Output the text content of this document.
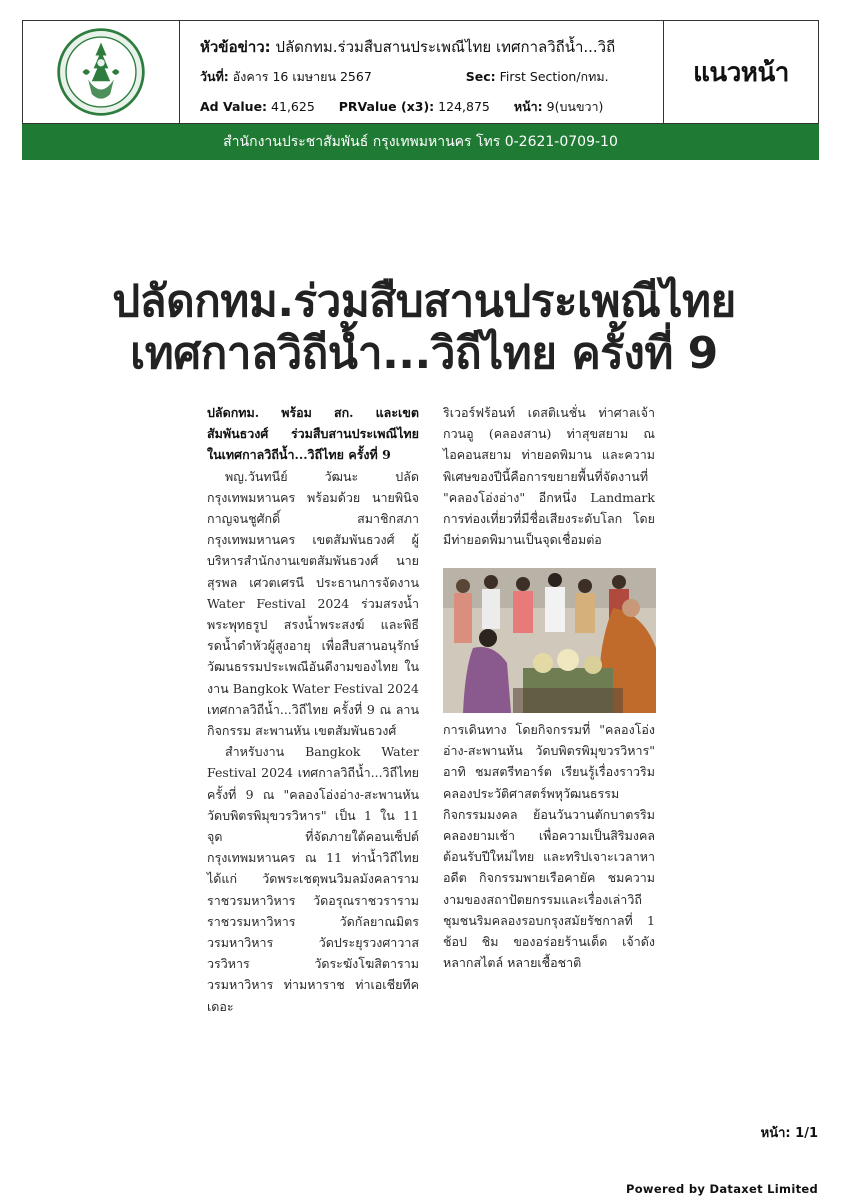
หัวข้อข่าว: ปลัดกทม.ร่วมสืบสานประเพณีไทย เทศกาลวิถีน้ำ...วิถี
วันที่: อังคาร 16 เมษายน 2567	Sec: First Section/กทม.
Ad Value: 41,625 PRValue (x3): 124,875 หน้า: 9(บนขวา)
แนวหน้า
สำนักงานประชาสัมพันธ์ กรุงเทพมหานคร โทร 0-2621-0709-10
ปลัดกทม.ร่วมสืบสานประเพณีไทย
เทศกาลวิถีน้ำ...วิถีไทย ครั้งที่ 9

ปลัดกทม. พร้อม สก. และเขตสัมพันธวงศ์ ร่วมสืบสานประเพณีไทย ในเทศกาลวิถีน้ำ...วิถีไทย ครั้งที่ 9

พญ.วันทนีย์ วัฒนะ ปลัดกรุงเทพมหานคร พร้อมด้วย นายพินิจ กาญจนชูศักดิ์ สมาชิกสภากรุงเทพมหานคร เขตสัมพันธวงศ์ ผู้บริหารสำนักงานเขตสัมพันธวงศ์ นายสุรพล เศวตเศรนี ประธานการจัดงาน Water Festival 2024 ร่วมสรงน้ำพระพุทธรูป สรงน้ำพระสงฆ์ และพิธีรดน้ำดำหัวผู้สูงอายุ เพื่อสืบสานอนุรักษ์วัฒนธรรมประเพณีอันดีงามของไทย ในงาน Bangkok Water Festival 2024 เทศกาลวิถีน้ำ...วิถีไทย ครั้งที่ 9 ณ ลานกิจกรรม สะพานหัน เขตสัมพันธวงศ์

สำหรับงาน Bangkok Water Festival 2024 เทศกาลวิถีน้ำ...วิถีไทย ครั้งที่ 9 ณ "คลองโอ่งอ่าง-สะพานหัน วัดบพิตรพิมุขวรวิหาร" เป็น 1 ใน 11 จุด ที่จัดภายใต้คอนเซ็ปต์ กรุงเทพมหานคร ณ 11 ท่าน้ำวิถีไทย ได้แก่ วัดพระเชตุพนวิมลมังคลาราม ราชวรมหาวิหาร วัดอรุณราชวราราม ราชวรมหาวิหาร วัดกัลยาณมิตร วรมหาวิหาร วัดประยุรวงศาวาส วรวิหาร วัดระฆังโฆสิตาราม วรมหาวิหาร ท่ามหาราช ท่าเอเชียทีค เดอะ

ริเวอร์ฟร้อนท์ เดสติเนชั่น ท่าศาลเจ้ากวนอู (คลองสาน) ท่าสุขสยาม ณ ไอคอนสยาม ท่ายอดพิมาน และความพิเศษของปีนี้คือการขยายพื้นที่จัดงานที่ "คลองโอ่งอ่าง" อีกหนึ่ง Landmark การท่องเที่ยวที่มีชื่อเสียงระดับโลก โดยมีท่ายอดพิมานเป็นจุดเชื่อมต่อ

การเดินทาง โดยกิจกรรมที่ "คลองโอ่งอ่าง-สะพานหัน วัดบพิตรพิมุขวรวิหาร" อาทิ ชมสตรีทอาร์ต เรียนรู้เรื่องราวริมคลองประวัติศาสตร์พหุวัฒนธรรม กิจกรรมมงคล ย้อนวันวานตักบาตรริมคลองยามเช้า เพื่อความเป็นสิริมงคลต้อนรับปีใหม่ไทย และทริปเจาะเวลาหาอดีต กิจกรรมพายเรือคายัค ชมความงามของสถาปัตยกรรมและเรื่องเล่าวิถีชุมชนริมคลองรอบกรุงสมัยรัชกาลที่ 1 ช้อป ชิม ของอร่อยร้านเด็ด เจ้าดัง หลากสไตล์ หลายเชื้อชาติ

หน้า: 1/1
Powered by Dataxet Limited
